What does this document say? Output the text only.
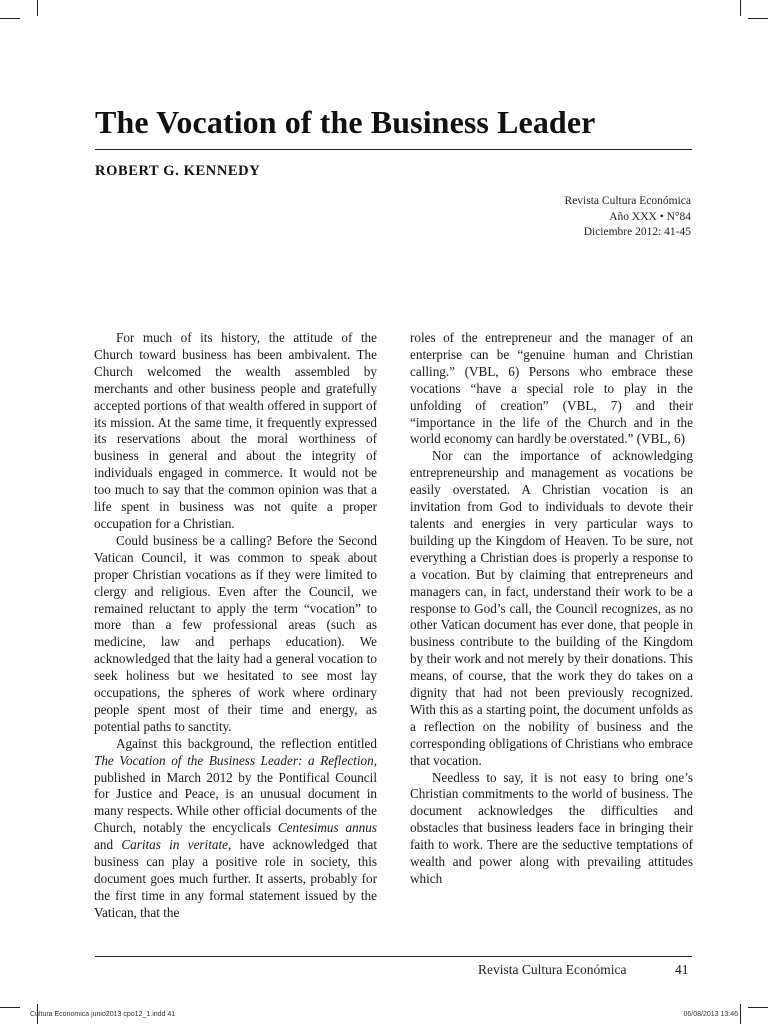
The Vocation of the Business Leader
ROBERT G. KENNEDY
Revista Cultura Económica
Año XXX • N°84
Diciembre 2012: 41-45

For much of its history, the attitude of the Church toward business has been ambivalent. The Church welcomed the wealth assembled by merchants and other business people and gratefully accepted portions of that wealth offered in support of its mission. At the same time, it frequently expressed its reservations about the moral worthiness of business in general and about the integrity of individuals engaged in commerce. It would not be too much to say that the common opinion was that a life spent in business was not quite a proper occupation for a Christian.

Could business be a calling? Before the Second Vatican Council, it was common to speak about proper Christian vocations as if they were limited to clergy and religious. Even after the Council, we remained reluctant to apply the term “vocation” to more than a few professional areas (such as medicine, law and perhaps education). We acknowledged that the laity had a general vocation to seek holiness but we hesitated to see most lay occupations, the spheres of work where ordinary people spent most of their time and energy, as potential paths to sanctity.

Against this background, the reflection entitled The Vocation of the Business Leader: a Reflection, published in March 2012 by the Pontifical Council for Justice and Peace, is an unusual document in many respects. While other official documents of the Church, notably the encyclicals Centesimus annus and Caritas in veritate, have acknowledged that business can play a positive role in society, this document goes much further. It asserts, probably for the first time in any formal statement issued by the Vatican, that the

roles of the entrepreneur and the manager of an enterprise can be “genuine human and Christian calling.” (VBL, 6) Persons who embrace these vocations “have a special role to play in the unfolding of creation” (VBL, 7) and their “importance in the life of the Church and in the world economy can hardly be overstated.” (VBL, 6)

Nor can the importance of acknowledging entrepreneurship and management as vocations be easily overstated. A Christian vocation is an invitation from God to individuals to devote their talents and energies in very particular ways to building up the Kingdom of Heaven. To be sure, not everything a Christian does is properly a response to a vocation. But by claiming that entrepreneurs and managers can, in fact, understand their work to be a response to God’s call, the Council recognizes, as no other Vatican document has ever done, that people in business contribute to the building of the Kingdom by their work and not merely by their donations. This means, of course, that the work they do takes on a dignity that had not been previously recognized. With this as a starting point, the document unfolds as a reflection on the nobility of business and the corresponding obligations of Christians who embrace that vocation.

Needless to say, it is not easy to bring one’s Christian commitments to the world of business. The document acknowledges the difficulties and obstacles that business leaders face in bringing their faith to work. There are the seductive temptations of wealth and power along with prevailing attitudes which

Revista Cultura Económica	41
Cultura Economica junio2013 cpo12_1.indd 41	06/08/2013 13:46
